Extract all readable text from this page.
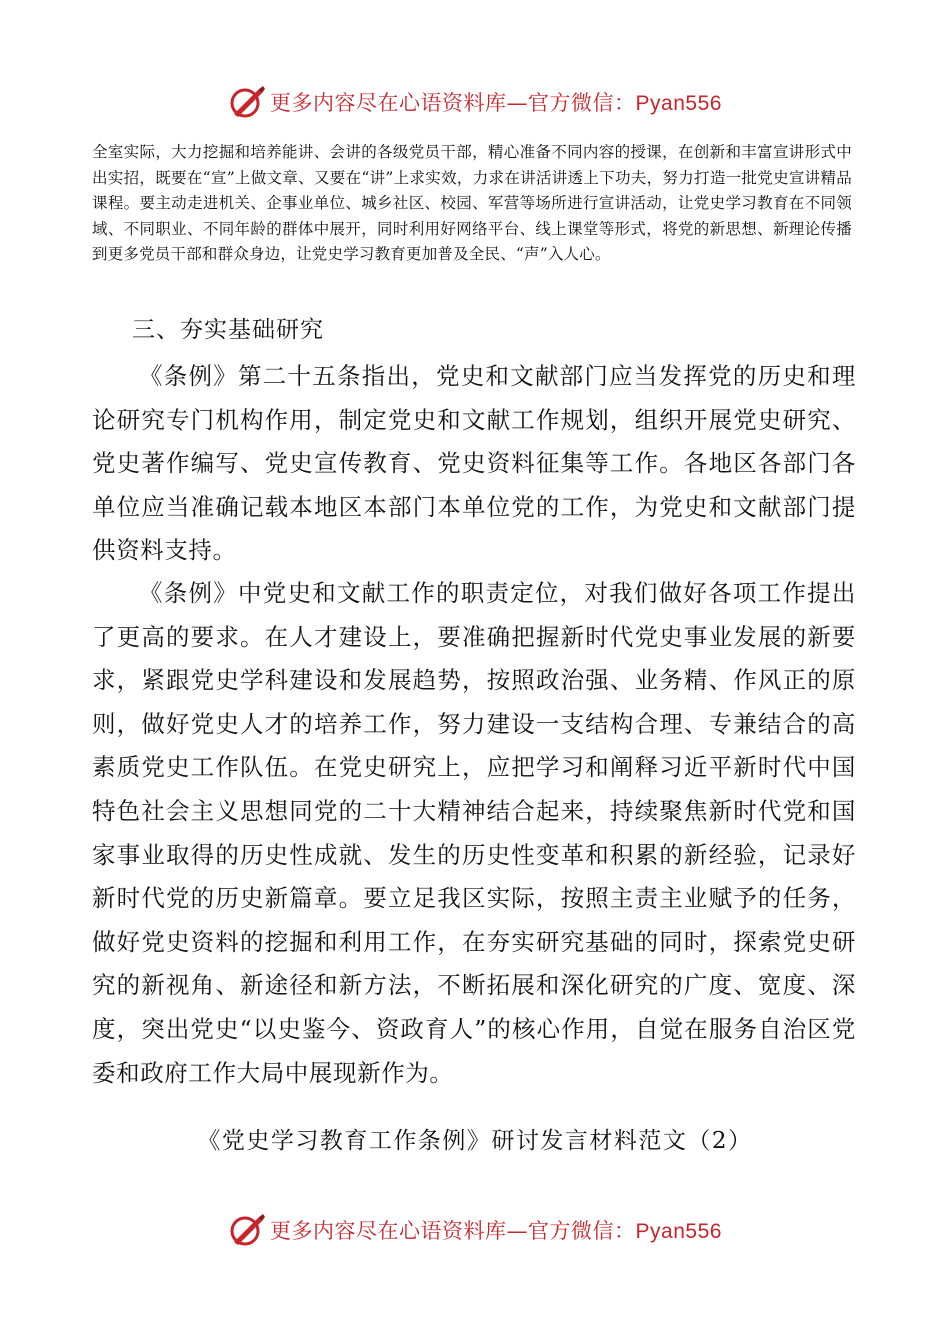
更多内容尽在心语资料库—官方微信：Pyan556

全室实际，大力挖掘和培养能讲、会讲的各级党员干部，精心准备不同内容的授课，在创新和丰富宣讲形式中出实招，既要在“宣”上做文章、又要在“讲”上求实效，力求在讲活讲透上下功夫，努力打造一批党史宣讲精品课程。要主动走进机关、企事业单位、城乡社区、校园、军营等场所进行宣讲活动，让党史学习教育在不同领域、不同职业、不同年龄的群体中展开，同时利用好网络平台、线上课堂等形式，将党的新思想、新理论传播到更多党员干部和群众身边，让党史学习教育更加普及全民、“声”入人心。

三、夯实基础研究

《条例》第二十五条指出，党史和文献部门应当发挥党的历史和理论研究专门机构作用，制定党史和文献工作规划，组织开展党史研究、党史著作编写、党史宣传教育、党史资料征集等工作。各地区各部门各单位应当准确记载本地区本部门本单位党的工作，为党史和文献部门提供资料支持。

《条例》中党史和文献工作的职责定位，对我们做好各项工作提出了更高的要求。在人才建设上，要准确把握新时代党史事业发展的新要求，紧跟党史学科建设和发展趋势，按照政治强、业务精、作风正的原则，做好党史人才的培养工作，努力建设一支结构合理、专兼结合的高素质党史工作队伍。在党史研究上，应把学习和阐释习近平新时代中国特色社会主义思想同党的二十大精神结合起来，持续聚焦新时代党和国家事业取得的历史性成就、发生的历史性变革和积累的新经验，记录好新时代党的历史新篇章。要立足我区实际，按照主责主业赋予的任务，做好党史资料的挖掘和利用工作，在夯实研究基础的同时，探索党史研究的新视角、新途径和新方法，不断拓展和深化研究的广度、宽度、深度，突出党史“以史鉴今、资政育人”的核心作用，自觉在服务自治区党委和政府工作大局中展现新作为。

《党史学习教育工作条例》研讨发言材料范文（2）

更多内容尽在心语资料库—官方微信：Pyan556
